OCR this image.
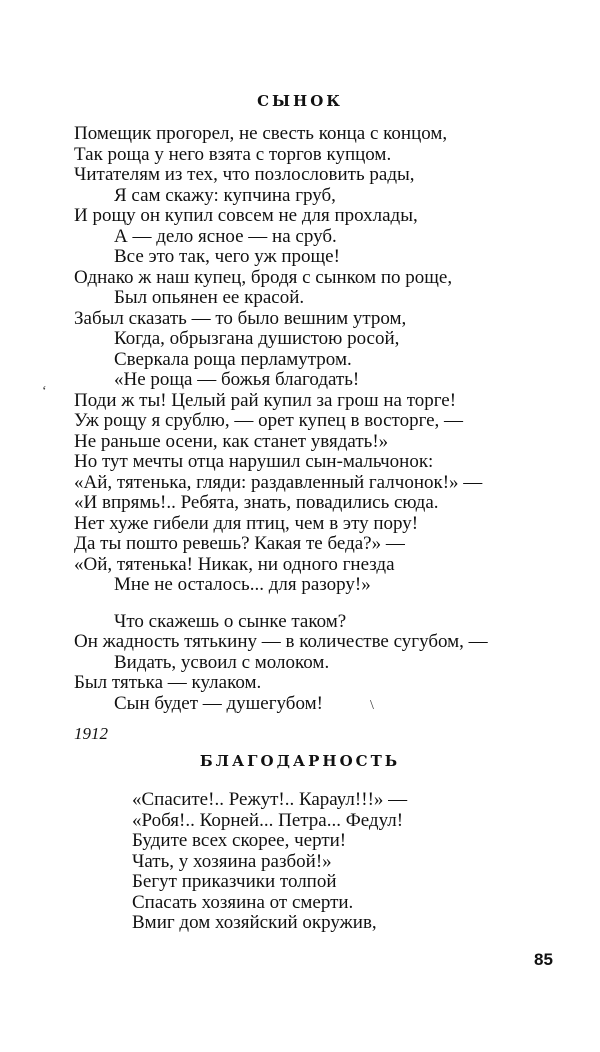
СЫНОК
Помещик прогорел, не свесть конца с концом,
Так роща у него взята с торгов купцом.
Читателям из тех, что позлословить рады,
Я сам скажу: купчина груб,
И рощу он купил совсем не для прохлады,
А — дело ясное — на сруб.
Все это так, чего уж проще!
Однако ж наш купец, бродя с сынком по роще,
Был опьянен ее красой.
Забыл сказать — то было вешним утром,
Когда, обрызгана душистою росой,
Сверкала роща перламутром.
«Не роща — божья благодать!
Поди ж ты! Целый рай купил за грош на торге!
Уж рощу я срублю, — орет купец в восторге, —
Не раньше осени, как станет увядать!»
Но тут мечты отца нарушил сын-мальчонок:
«Ай, тятенька, гляди: раздавленный галчонок!» —
«И впрямь!.. Ребята, знать, повадились сюда.
Нет хуже гибели для птиц, чем в эту пору!
Да ты пошто ревешь? Какая те беда?» —
«Ой, тятенька! Никак, ни одного гнезда
Мне не осталось... для разору!»
Что скажешь о сынке таком?
Он жадность тятькину — в количестве сугубом, —
Видать, усвоил с молоком.
Был тятька — кулаком.
Сын будет — душегубом!
‘
\
1912
БЛАГОДАРНОСТЬ
«Спасите!.. Режут!.. Караул!!!» —
«Робя!.. Корней... Петра... Федул!
Будите всех скорее, черти!
Чать, у хозяина разбой!»
Бегут приказчики толпой
Спасать хозяина от смерти.
Вмиг дом хозяйский окружив,
85
